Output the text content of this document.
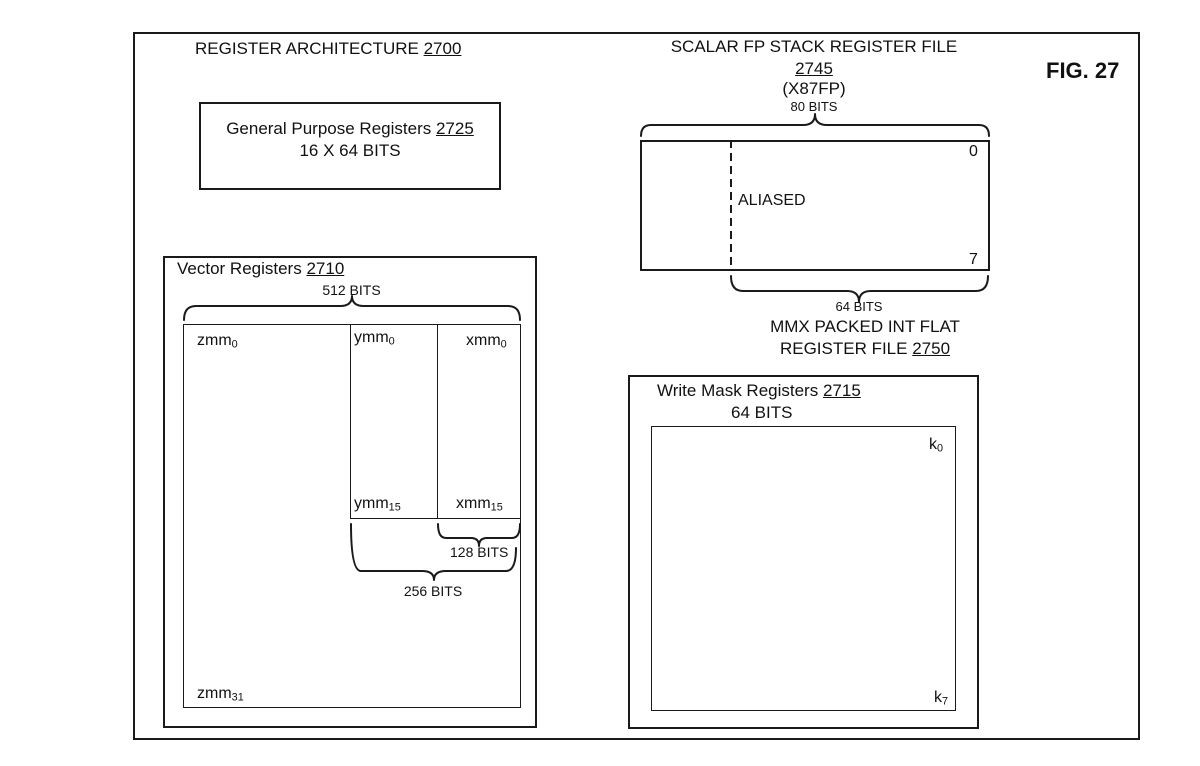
REGISTER ARCHITECTURE 2700
FIG. 27
General Purpose Registers 2725
16 X 64 BITS
SCALAR FP STACK REGISTER FILE
2745
(X87FP)
80 BITS
0
7
ALIASED
64 BITS
MMX PACKED INT FLAT
REGISTER FILE 2750
Vector Registers 2710
512 BITS
zmm$_0$	ymm$_0$	xmm$_0$
ymm$_{15}$	xmm$_{15}$
zmm$_{31}$
128 BITS
256 BITS
Write Mask Registers 2715
64 BITS
$k_0$
$k_7$
